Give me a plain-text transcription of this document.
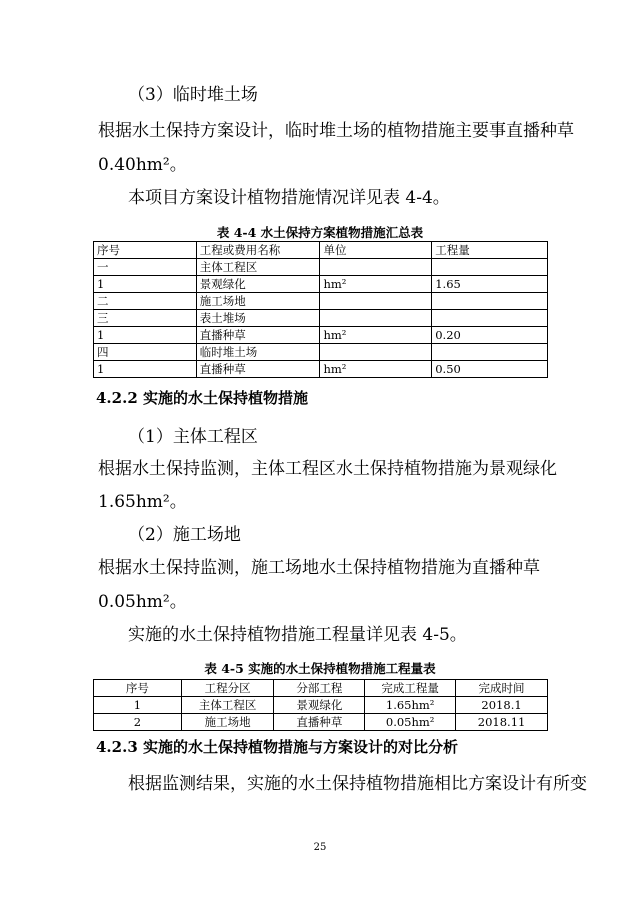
（3）临时堆土场

根据水土保持方案设计，临时堆土场的植物措施主要事直播种草

0.40hm²。

本项目方案设计植物措施情况详见表 4-4。

表 4-4 水土保持方案植物措施汇总表
序号	工程或费用名称	单位	工程量
一	主体工程区		
1	景观绿化	hm²	1.65
二	施工场地		
三	表土堆场		
1	直播种草	hm²	0.20
四	临时堆土场		
1	直播种草	hm²	0.50
4.2.2 实施的水土保持植物措施

（1）主体工程区

根据水土保持监测，主体工程区水土保持植物措施为景观绿化

1.65hm²。

（2）施工场地

根据水土保持监测，施工场地水土保持植物措施为直播种草

0.05hm²。

实施的水土保持植物措施工程量详见表 4-5。

表 4-5 实施的水土保持植物措施工程量表
序号	工程分区	分部工程	完成工程量	完成时间
1	主体工程区	景观绿化	1.65hm²	2018.1
2	施工场地	直播种草	0.05hm²	2018.11
4.2.3 实施的水土保持植物措施与方案设计的对比分析

根据监测结果，实施的水土保持植物措施相比方案设计有所变

25
